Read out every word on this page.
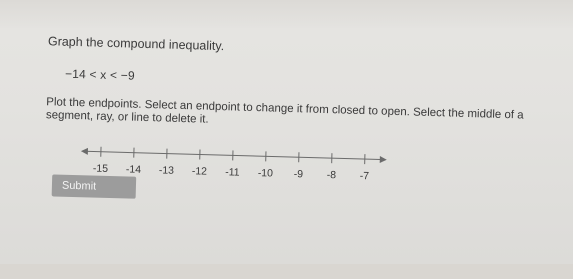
Graph the compound inequality.
−14 < x < −9
Plot the endpoints. Select an endpoint to change it from closed to open. Select the middle of a segment, ray, or line to delete it.
-15 -14 -13 -12 -11 -10 -9 -8 -7
Submit
